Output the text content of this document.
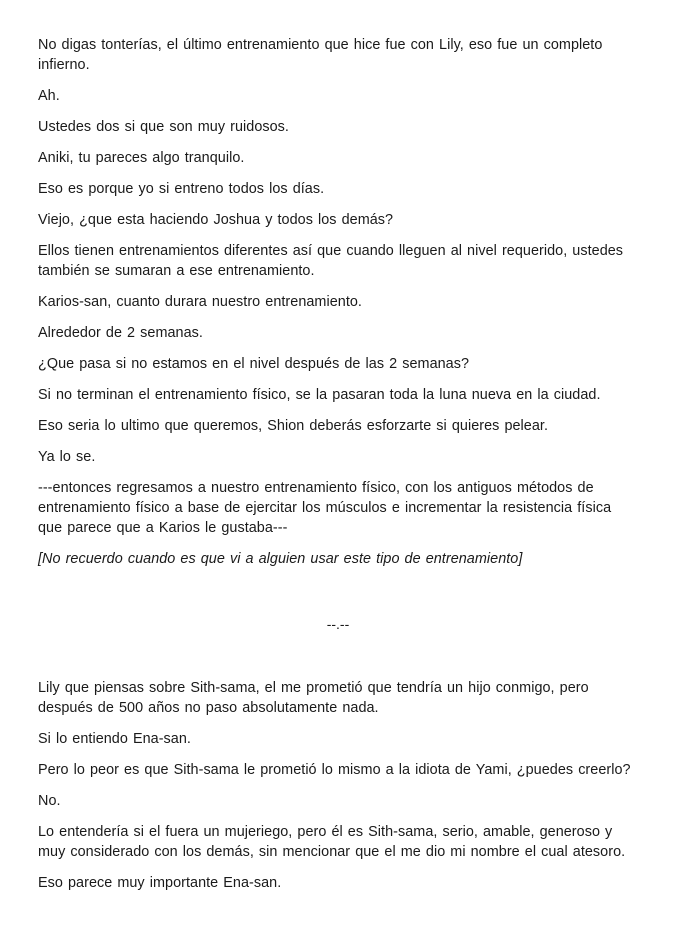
No digas tonterías, el último entrenamiento que hice fue con Lily, eso fue un completo infierno.

Ah.

Ustedes dos si que son muy ruidosos.

Aniki, tu pareces algo tranquilo.

Eso es porque yo si entreno todos los días.

Viejo, ¿que esta haciendo Joshua y todos los demás?

Ellos tienen entrenamientos diferentes así que cuando lleguen al nivel requerido, ustedes también se sumaran a ese entrenamiento.

Karios-san, cuanto durara nuestro entrenamiento.

Alrededor de 2 semanas.

¿Que pasa si no estamos en el nivel después de las 2 semanas?

Si no terminan el entrenamiento físico, se la pasaran toda la luna nueva en la ciudad.

Eso seria lo ultimo que queremos, Shion deberás esforzarte si quieres pelear.

Ya lo se.

---entonces regresamos a nuestro entrenamiento físico, con los antiguos métodos de entrenamiento físico a base de ejercitar los músculos e incrementar la resistencia física que parece que a Karios le gustaba---

[No recuerdo cuando es que vi a alguien usar este tipo de entrenamiento]

--.--

Lily que piensas sobre Sith-sama, el me prometió que tendría un hijo conmigo, pero después de 500 años no paso absolutamente nada.

Si lo entiendo Ena-san.

Pero lo peor es que Sith-sama le prometió lo mismo a la idiota de Yami, ¿puedes creerlo?

No.

Lo entendería si el fuera un mujeriego, pero él es Sith-sama, serio, amable, generoso y muy considerado con los demás, sin mencionar que el me dio mi nombre el cual atesoro.

Eso parece muy importante Ena-san.
